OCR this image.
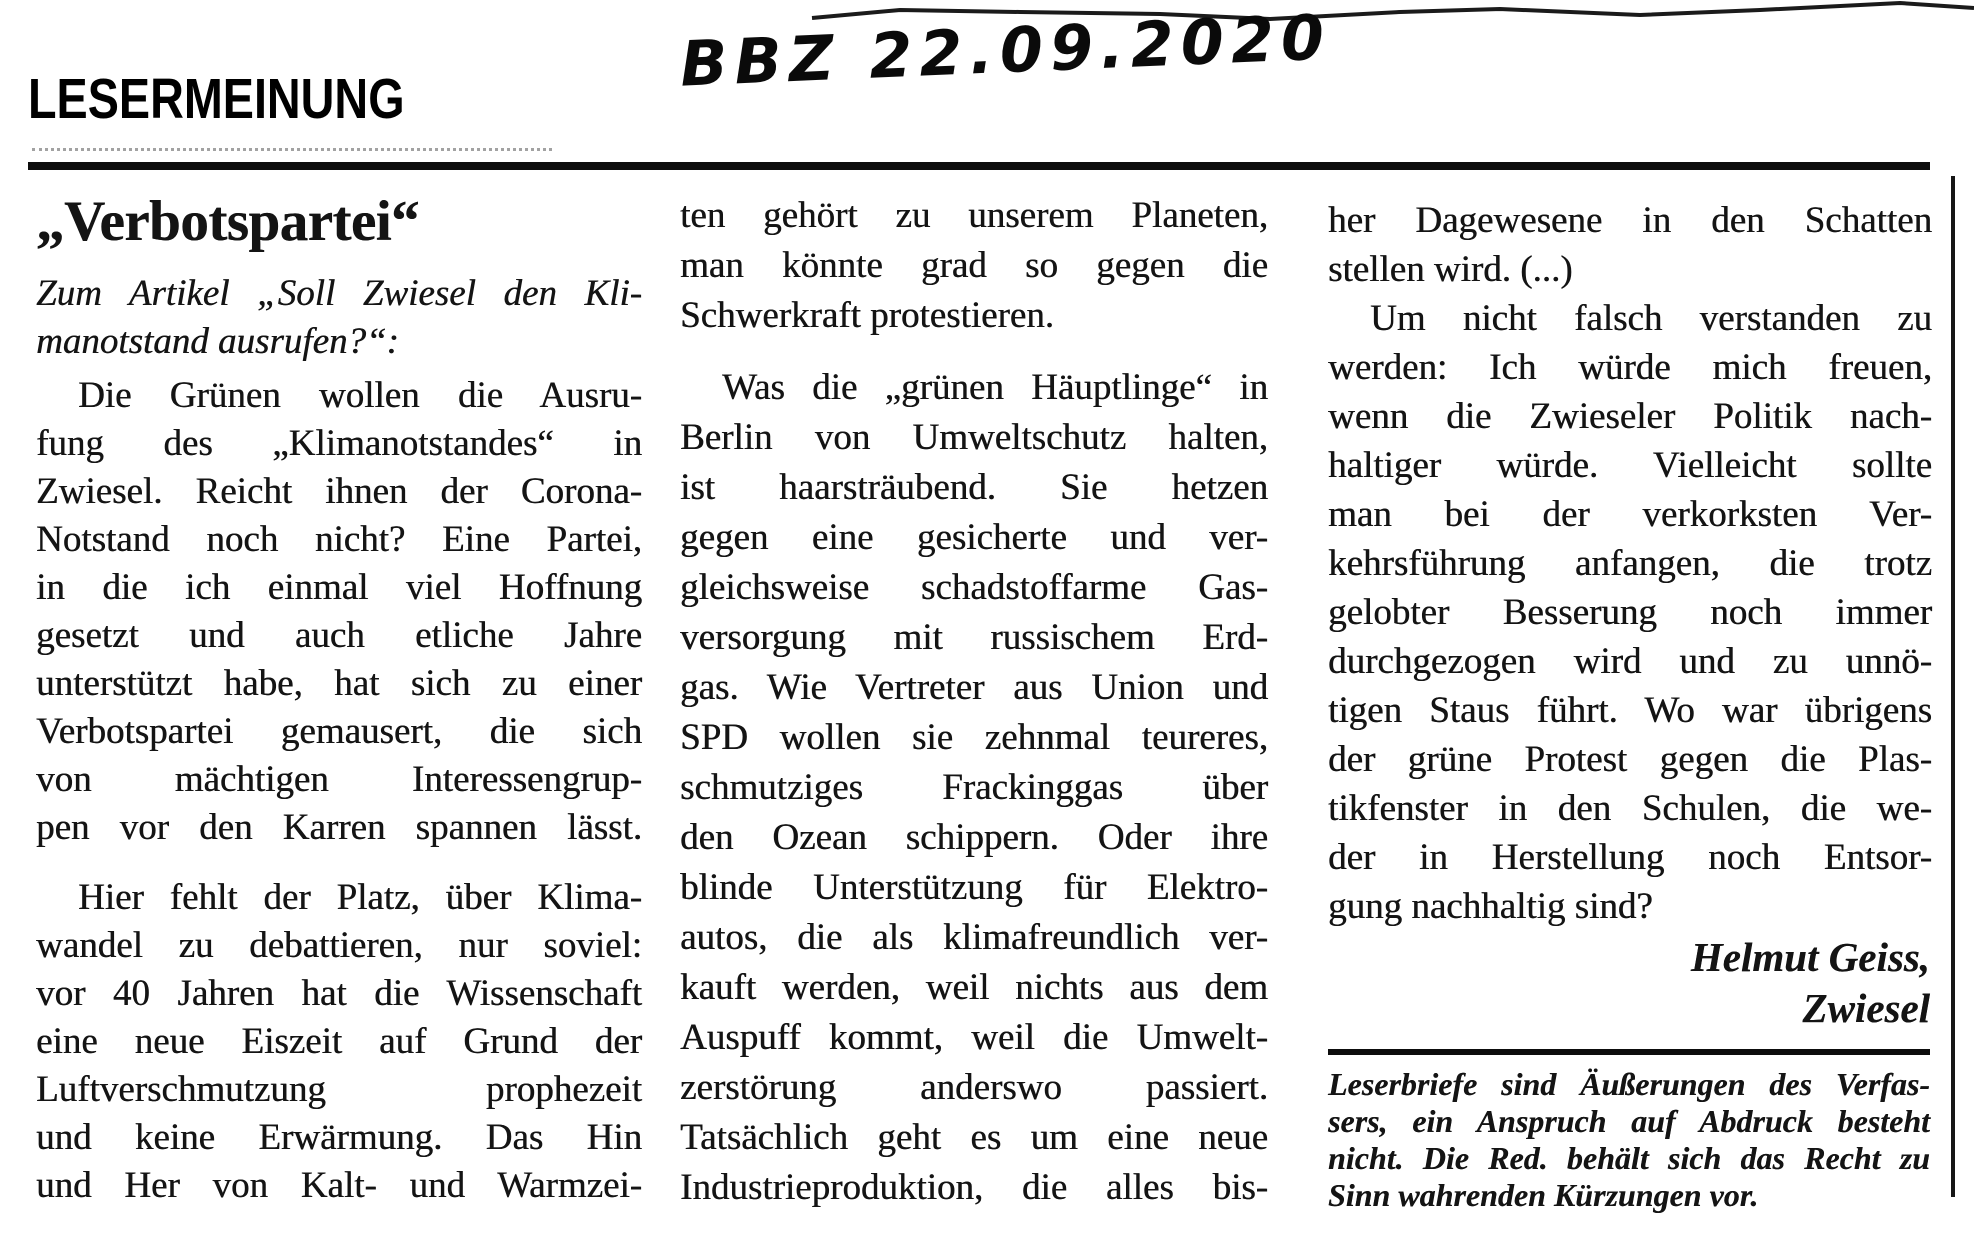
LESERMEINUNG	BBZ 22.09.2020
„Verbotspartei“
Zum Artikel „Soll Zwiesel den Kli-
manotstand ausrufen?“:
Die Grünen wollen die Ausru-
fung des „Klimanotstandes“ in
Zwiesel. Reicht ihnen der Corona-
Notstand noch nicht? Eine Partei,
in die ich einmal viel Hoffnung
gesetzt und auch etliche Jahre
unterstützt habe, hat sich zu einer
Verbotspartei gemausert, die sich
von mächtigen Interessengrup-
pen vor den Karren spannen lässt.
Hier fehlt der Platz, über Klima-
wandel zu debattieren, nur soviel:
vor 40 Jahren hat die Wissenschaft
eine neue Eiszeit auf Grund der
Luftverschmutzung prophezeit
und keine Erwärmung. Das Hin
und Her von Kalt- und Warmzei-
ten gehört zu unserem Planeten,
man könnte grad so gegen die
Schwerkraft protestieren.
Was die „grünen Häuptlinge“ in
Berlin von Umweltschutz halten,
ist haarsträubend. Sie hetzen
gegen eine gesicherte und ver-
gleichsweise schadstoffarme Gas-
versorgung mit russischem Erd-
gas. Wie Vertreter aus Union und
SPD wollen sie zehnmal teureres,
schmutziges Frackinggas über
den Ozean schippern. Oder ihre
blinde Unterstützung für Elektro-
autos, die als klimafreundlich ver-
kauft werden, weil nichts aus dem
Auspuff kommt, weil die Umwelt-
zerstörung anderswo passiert.
Tatsächlich geht es um eine neue
Industrieproduktion, die alles bis-
her Dagewesene in den Schatten
stellen wird. (...)
Um nicht falsch verstanden zu
werden: Ich würde mich freuen,
wenn die Zwieseler Politik nach-
haltiger würde. Vielleicht sollte
man bei der verkorksten Ver-
kehrsführung anfangen, die trotz
gelobter Besserung noch immer
durchgezogen wird und zu unnö-
tigen Staus führt. Wo war übrigens
der grüne Protest gegen die Plas-
tikfenster in den Schulen, die we-
der in Herstellung noch Entsor-
gung nachhaltig sind?
Helmut Geiss,
Zwiesel
Leserbriefe sind Äußerungen des Verfas-
sers, ein Anspruch auf Abdruck besteht
nicht. Die Red. behält sich das Recht zu
Sinn wahrenden Kürzungen vor.
